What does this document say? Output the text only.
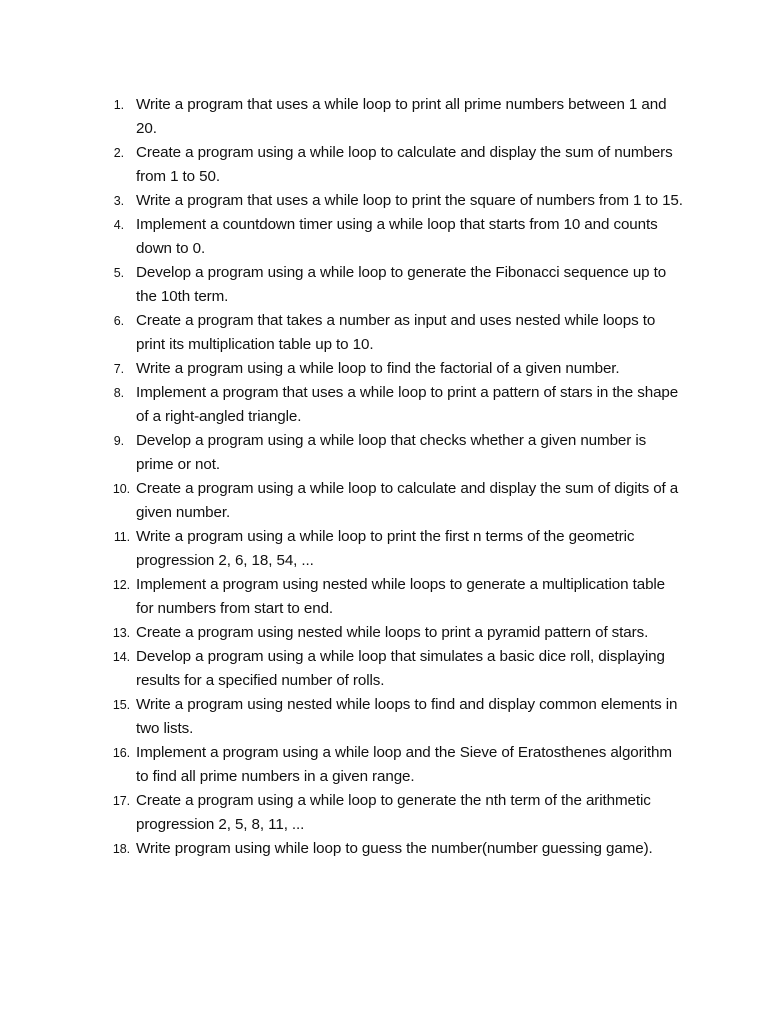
1. Write a program that uses a while loop to print all prime numbers between 1 and 20.
2. Create a program using a while loop to calculate and display the sum of numbers from 1 to 50.
3. Write a program that uses a while loop to print the square of numbers from 1 to 15.
4. Implement a countdown timer using a while loop that starts from 10 and counts down to 0.
5. Develop a program using a while loop to generate the Fibonacci sequence up to the 10th term.
6. Create a program that takes a number as input and uses nested while loops to print its multiplication table up to 10.
7. Write a program using a while loop to find the factorial of a given number.
8. Implement a program that uses a while loop to print a pattern of stars in the shape of a right-angled triangle.
9. Develop a program using a while loop that checks whether a given number is prime or not.
10. Create a program using a while loop to calculate and display the sum of digits of a given number.
11. Write a program using a while loop to print the first n terms of the geometric progression 2, 6, 18, 54, ...
12. Implement a program using nested while loops to generate a multiplication table for numbers from start to end.
13. Create a program using nested while loops to print a pyramid pattern of stars.
14. Develop a program using a while loop that simulates a basic dice roll, displaying results for a specified number of rolls.
15. Write a program using nested while loops to find and display common elements in two lists.
16. Implement a program using a while loop and the Sieve of Eratosthenes algorithm to find all prime numbers in a given range.
17. Create a program using a while loop to generate the nth term of the arithmetic progression 2, 5, 8, 11, ...
18. Write program using while loop to guess the number(number guessing game).
